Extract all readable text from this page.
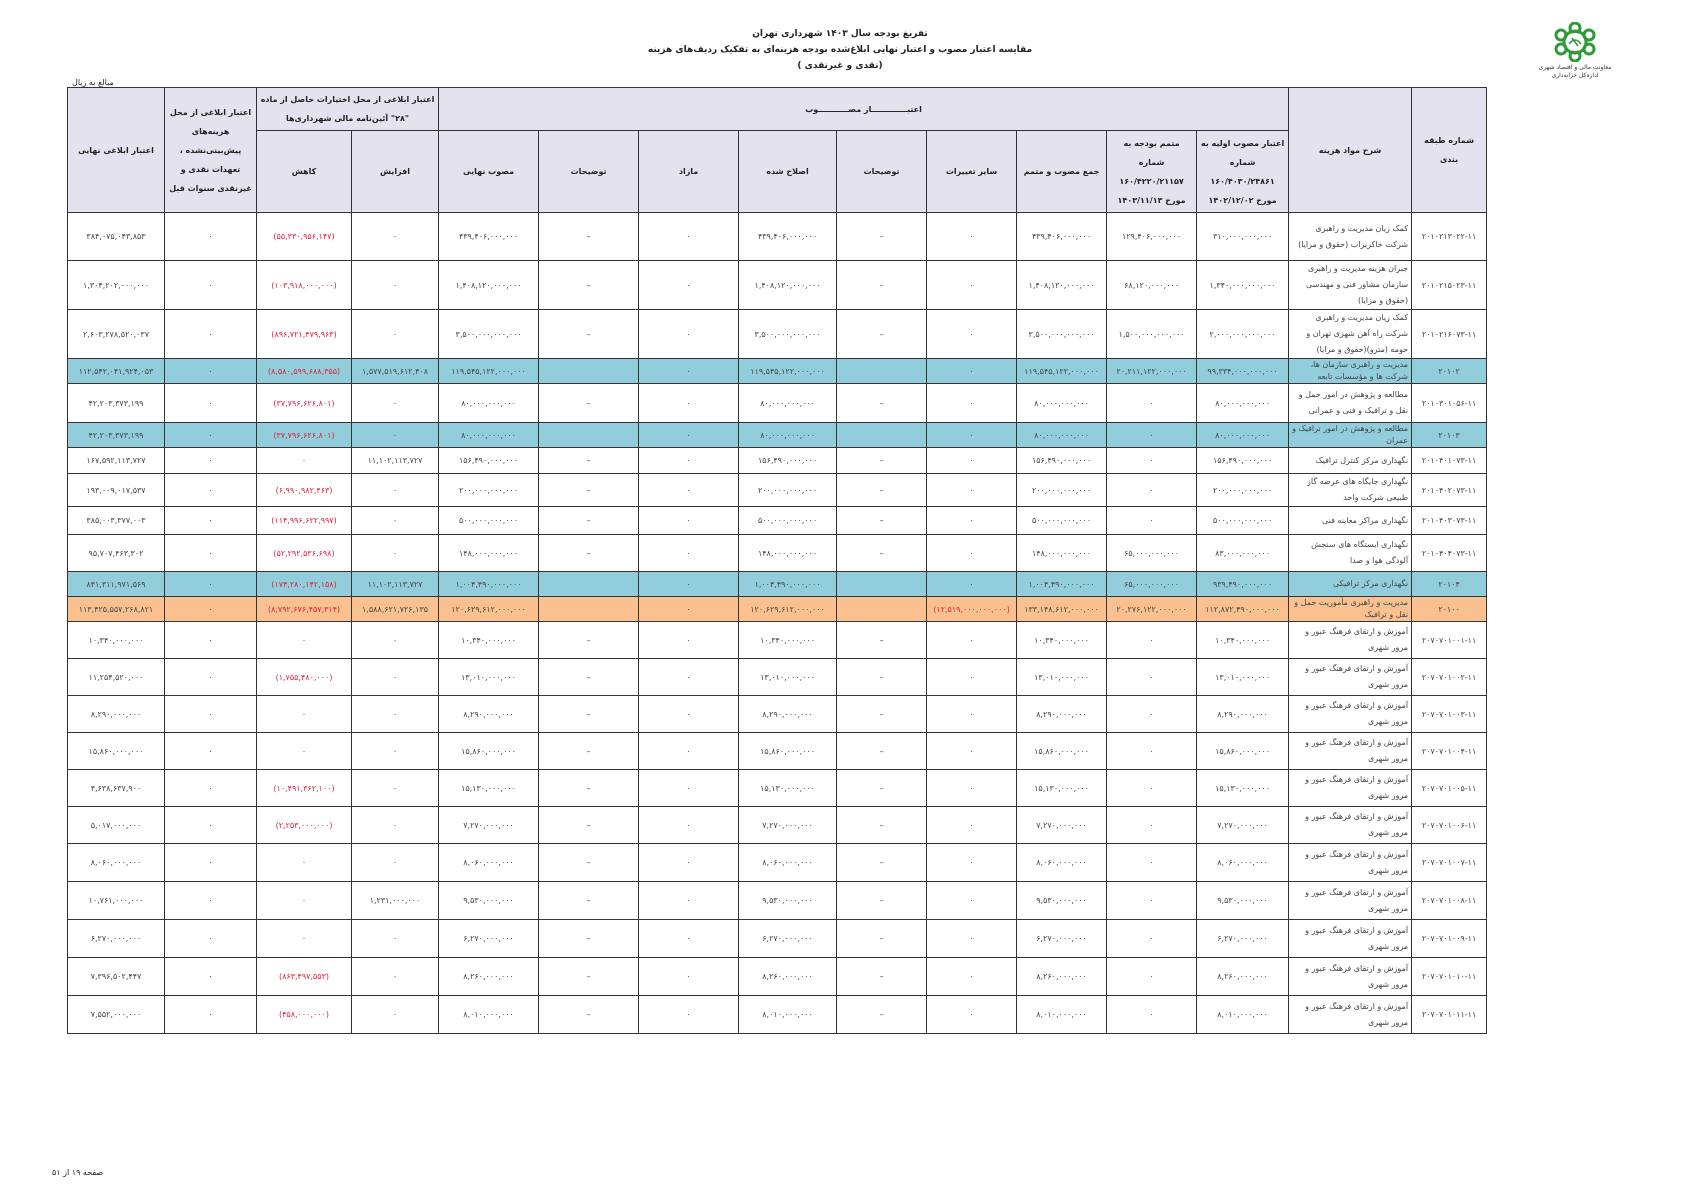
تفریغ بودجه سال ۱۴۰۳ شهرداری تهران
مقایسه اعتبار مصوب و اعتبار نهایی ابلاغ‌شده بودجه هزینه‌ای به تفکیک ردیف‌های هزینه
(نقدی و غیرنقدی )	معاونت مالی و اقتصاد شهری
اداره‌کل خزانه‌داری
مبالغ به ریال
شماره طبقه بندی	شرح مواد هزینه	اعتبـــــــــــــار مصـــــــــــوب									اعتبار ابلاغی از محل اختیارات حاصل از ماده "۲۸" آئین‌نامه مالی شهرداری‌ها		اعتبار ابلاغی از محل هزینه‌های پیش‌بینی‌نشده ، تعهدات نقدی و غیرنقدی سنوات قبل	اعتبار ابلاغی نهایی
		اعتبار مصوب اولیه به شماره ۱۶۰/۴۰۳۰/۲۴۸۶۱ مورخ ۱۴۰۲/۱۲/۰۲	متمم بودجه به شماره ۱۶۰/۴۲۲۰/۲۱۱۵۷ مورخ ۱۴۰۳/۱۱/۱۳	جمع مصوب و متمم	سایر تغییرات	توضیحات	اصلاح شده	مازاد	توضیحات	مصوب نهایی	افزایش	کاهش		
۲۰۱۰۲۱۳۰۲۲-۱۱	کمک زیان مدیریت و راهبری شرکت خاکریزاب (حقوق و مزایا)	۳۱۰,۰۰۰,۰۰۰,۰۰۰	۱۲۹,۴۰۶,۰۰۰,۰۰۰	۴۳۹,۴۰۶,۰۰۰,۰۰۰	۰	–	۴۳۹,۴۰۶,۰۰۰,۰۰۰	۰	–	۴۳۹,۴۰۶,۰۰۰,۰۰۰	۰	(۵۵,۳۳۰,۹۵۶,۱۴۷)	۰	۳۸۴,۰۷۵,۰۴۳,۸۵۳
۲۰۱۰۲۱۵۰۲۳-۱۱	جبران هزینه مدیریت و راهبری سازمان مشاور فنی و مهندسی (حقوق و مزایا)	۱,۳۴۰,۰۰۰,۰۰۰,۰۰۰	۶۸,۱۲۰,۰۰۰,۰۰۰	۱,۴۰۸,۱۲۰,۰۰۰,۰۰۰	۰	–	۱,۴۰۸,۱۲۰,۰۰۰,۰۰۰	۰	–	۱,۴۰۸,۱۲۰,۰۰۰,۰۰۰	۰	(۱۰۳,۹۱۸,۰۰۰,۰۰۰)	۰	۱,۳۰۴,۲۰۲,۰۰۰,۰۰۰
۲۰۱۰۲۱۶۰۷۳-۱۱	کمک زیان مدیریت و راهبری شرکت راه آهن شهری تهران و حومه (مترو)(حقوق و مزایا)	۲,۰۰۰,۰۰۰,۰۰۰,۰۰۰	۱,۵۰۰,۰۰۰,۰۰۰,۰۰۰	۳,۵۰۰,۰۰۰,۰۰۰,۰۰۰	۰	–	۳,۵۰۰,۰۰۰,۰۰۰,۰۰۰	۰	–	۳,۵۰۰,۰۰۰,۰۰۰,۰۰۰	۰	(۸۹۶,۷۲۱,۴۷۹,۹۶۳)	۰	۲,۶۰۳,۲۷۸,۵۲۰,۰۳۷
۲۰۱۰۲	مدیریت و راهبری سازمان ها، شرکت ها و مؤسسات تابعه	۹۹,۳۳۴,۰۰۰,۰۰۰,۰۰۰	۲۰,۲۱۱,۱۲۲,۰۰۰,۰۰۰	۱۱۹,۵۴۵,۱۲۲,۰۰۰,۰۰۰	۰		۱۱۹,۵۴۵,۱۲۲,۰۰۰,۰۰۰	۰		۱۱۹,۵۴۵,۱۲۲,۰۰۰,۰۰۰	۱,۵۷۷,۵۱۹,۶۱۲,۴۰۸	(۸,۵۸۰,۵۹۹,۶۸۸,۳۵۵)	۰	۱۱۲,۵۴۲,۰۴۱,۹۲۴,۰۵۳
۲۰۱۰۳۰۱۰۵۶-۱۱	مطالعه و پژوهش در امور حمل و نقل و ترافیک و فنی و عمرانی	۸۰,۰۰۰,۰۰۰,۰۰۰	۰	۸۰,۰۰۰,۰۰۰,۰۰۰	۰	–	۸۰,۰۰۰,۰۰۰,۰۰۰	۰	–	۸۰,۰۰۰,۰۰۰,۰۰۰	۰	(۳۷,۷۹۶,۶۲۶,۸۰۱)	۰	۴۲,۲۰۳,۳۷۳,۱۹۹
۲۰۱۰۳	مطالعه و پژوهش در امور ترافیک و عمران	۸۰,۰۰۰,۰۰۰,۰۰۰	۰	۸۰,۰۰۰,۰۰۰,۰۰۰	۰		۸۰,۰۰۰,۰۰۰,۰۰۰	۰		۸۰,۰۰۰,۰۰۰,۰۰۰	۰	(۳۷,۷۹۶,۶۲۶,۸۰۱)	۰	۴۲,۲۰۳,۳۷۳,۱۹۹
۲۰۱۰۴۰۱۰۷۳-۱۱	نگهداری مرکز کنترل ترافیک	۱۵۶,۴۹۰,۰۰۰,۰۰۰	۰	۱۵۶,۴۹۰,۰۰۰,۰۰۰	۰	–	۱۵۶,۴۹۰,۰۰۰,۰۰۰	۰	–	۱۵۶,۴۹۰,۰۰۰,۰۰۰	۱۱,۱۰۲,۱۱۳,۷۲۷	۰	۰	۱۶۷,۵۹۲,۱۱۳,۷۲۷
۲۰۱۰۴۰۲۰۷۳-۱۱	نگهداری جایگاه های عرضه گاز طبیعی شرکت واحد	۲۰۰,۰۰۰,۰۰۰,۰۰۰	۰	۲۰۰,۰۰۰,۰۰۰,۰۰۰	۰	–	۲۰۰,۰۰۰,۰۰۰,۰۰۰	۰	–	۲۰۰,۰۰۰,۰۰۰,۰۰۰	۰	(۶,۹۹۰,۹۸۲,۴۶۳)	۰	۱۹۳,۰۰۹,۰۱۷,۵۳۷
۲۰۱۰۴۰۳۰۷۳-۱۱	نگهداری مراکز معاینه فنی	۵۰۰,۰۰۰,۰۰۰,۰۰۰	۰	۵۰۰,۰۰۰,۰۰۰,۰۰۰	۰	–	۵۰۰,۰۰۰,۰۰۰,۰۰۰	۰	–	۵۰۰,۰۰۰,۰۰۰,۰۰۰	۰	(۱۱۴,۹۹۶,۶۲۲,۹۹۷)	۰	۳۸۵,۰۰۳,۳۷۷,۰۰۳
۲۰۱۰۴۰۴۰۷۳-۱۱	نگهداری ایستگاه های سنجش آلودگی هوا و صدا	۸۳,۰۰۰,۰۰۰,۰۰۰	۶۵,۰۰۰,۰۰۰,۰۰۰	۱۴۸,۰۰۰,۰۰۰,۰۰۰	۰	–	۱۴۸,۰۰۰,۰۰۰,۰۰۰	۰	–	۱۴۸,۰۰۰,۰۰۰,۰۰۰	۰	(۵۲,۲۹۲,۵۳۶,۶۹۸)	۰	۹۵,۷۰۷,۴۶۳,۳۰۲
۲۰۱۰۴	نگهداری مرکز ترافیکی	۹۳۹,۴۹۰,۰۰۰,۰۰۰	۶۵,۰۰۰,۰۰۰,۰۰۰	۱,۰۰۴,۴۹۰,۰۰۰,۰۰۰	۰		۱,۰۰۴,۴۹۰,۰۰۰,۰۰۰	۰		۱,۰۰۴,۴۹۰,۰۰۰,۰۰۰	۱۱,۱۰۲,۱۱۳,۷۲۷	(۱۷۴,۲۸۰,۱۴۲,۱۵۸)	۰	۸۴۱,۳۱۱,۹۷۱,۵۶۹
۲۰۱۰۰	مدیریت و راهبری مأموریت حمل و نقل و ترافیک	۱۱۲,۸۷۲,۴۹۰,۰۰۰,۰۰۰	۲۰,۲۷۶,۱۲۲,۰۰۰,۰۰۰	۱۳۳,۱۴۸,۶۱۲,۰۰۰,۰۰۰	(۱۲,۵۱۹,۰۰۰,۰۰۰,۰۰۰)		۱۲۰,۶۲۹,۶۱۲,۰۰۰,۰۰۰	۰		۱۲۰,۶۲۹,۶۱۲,۰۰۰,۰۰۰	۱,۵۸۸,۶۲۱,۷۲۶,۱۳۵	(۸,۷۹۲,۶۷۶,۴۵۷,۳۱۴)	۰	۱۱۳,۴۲۵,۵۵۷,۲۶۸,۸۲۱
۲۰۷۰۷۰۱۰۰۱-۱۱	آموزش و ارتقای فرهنگ عبور و مرور شهری	۱۰,۳۴۰,۰۰۰,۰۰۰	۰	۱۰,۳۴۰,۰۰۰,۰۰۰	۰	–	۱۰,۳۴۰,۰۰۰,۰۰۰	۰	–	۱۰,۳۴۰,۰۰۰,۰۰۰	۰	۰	۰	۱۰,۳۴۰,۰۰۰,۰۰۰
۲۰۷۰۷۰۱۰۰۲-۱۱	آموزش و ارتقای فرهنگ عبور و مرور شهری	۱۳,۰۱۰,۰۰۰,۰۰۰	۰	۱۳,۰۱۰,۰۰۰,۰۰۰	۰	–	۱۳,۰۱۰,۰۰۰,۰۰۰	۰	–	۱۳,۰۱۰,۰۰۰,۰۰۰	۰	(۱,۷۵۵,۴۸۰,۰۰۰)	۰	۱۱,۲۵۴,۵۲۰,۰۰۰
۲۰۷۰۷۰۱۰۰۳-۱۱	آموزش و ارتقای فرهنگ عبور و مرور شهری	۸,۲۹۰,۰۰۰,۰۰۰	۰	۸,۲۹۰,۰۰۰,۰۰۰	۰	–	۸,۲۹۰,۰۰۰,۰۰۰	۰	–	۸,۲۹۰,۰۰۰,۰۰۰	۰	۰	۰	۸,۲۹۰,۰۰۰,۰۰۰
۲۰۷۰۷۰۱۰۰۴-۱۱	آموزش و ارتقای فرهنگ عبور و مرور شهری	۱۵,۸۶۰,۰۰۰,۰۰۰	۰	۱۵,۸۶۰,۰۰۰,۰۰۰	۰	–	۱۵,۸۶۰,۰۰۰,۰۰۰	۰	–	۱۵,۸۶۰,۰۰۰,۰۰۰	۰	۰	۰	۱۵,۸۶۰,۰۰۰,۰۰۰
۲۰۷۰۷۰۱۰۰۵-۱۱	آموزش و ارتقای فرهنگ عبور و مرور شهری	۱۵,۱۳۰,۰۰۰,۰۰۰	۰	۱۵,۱۳۰,۰۰۰,۰۰۰	۰	–	۱۵,۱۳۰,۰۰۰,۰۰۰	۰	–	۱۵,۱۳۰,۰۰۰,۰۰۰	۰	(۱۰,۴۹۱,۳۶۲,۱۰۰)	۰	۴,۶۳۸,۶۳۷,۹۰۰
۲۰۷۰۷۰۱۰۰۶-۱۱	آموزش و ارتقای فرهنگ عبور و مرور شهری	۷,۲۷۰,۰۰۰,۰۰۰	۰	۷,۲۷۰,۰۰۰,۰۰۰	۰	–	۷,۲۷۰,۰۰۰,۰۰۰	۰	–	۷,۲۷۰,۰۰۰,۰۰۰	۰	(۲,۲۵۳,۰۰۰,۰۰۰)	۰	۵,۰۱۷,۰۰۰,۰۰۰
۲۰۷۰۷۰۱۰۰۷-۱۱	آموزش و ارتقای فرهنگ عبور و مرور شهری	۸,۰۶۰,۰۰۰,۰۰۰	۰	۸,۰۶۰,۰۰۰,۰۰۰	۰	–	۸,۰۶۰,۰۰۰,۰۰۰	۰	–	۸,۰۶۰,۰۰۰,۰۰۰	۰	۰	۰	۸,۰۶۰,۰۰۰,۰۰۰
۲۰۷۰۷۰۱۰۰۸-۱۱	آموزش و ارتقای فرهنگ عبور و مرور شهری	۹,۵۳۰,۰۰۰,۰۰۰	۰	۹,۵۳۰,۰۰۰,۰۰۰	۰	–	۹,۵۳۰,۰۰۰,۰۰۰	۰	–	۹,۵۳۰,۰۰۰,۰۰۰	۱,۲۳۱,۰۰۰,۰۰۰	۰	۰	۱۰,۷۶۱,۰۰۰,۰۰۰
۲۰۷۰۷۰۱۰۰۹-۱۱	آموزش و ارتقای فرهنگ عبور و مرور شهری	۶,۲۷۰,۰۰۰,۰۰۰	۰	۶,۲۷۰,۰۰۰,۰۰۰	۰	–	۶,۲۷۰,۰۰۰,۰۰۰	۰	–	۶,۲۷۰,۰۰۰,۰۰۰	۰	۰	۰	۶,۲۷۰,۰۰۰,۰۰۰
۲۰۷۰۷۰۱۰۱۰-۱۱	آموزش و ارتقای فرهنگ عبور و مرور شهری	۸,۲۶۰,۰۰۰,۰۰۰	۰	۸,۲۶۰,۰۰۰,۰۰۰	۰	–	۸,۲۶۰,۰۰۰,۰۰۰	۰	–	۸,۲۶۰,۰۰۰,۰۰۰	۰	(۸۶۳,۴۹۷,۵۵۳)	۰	۷,۳۹۶,۵۰۲,۴۴۷
۲۰۷۰۷۰۱۰۱۱-۱۱	آموزش و ارتقای فرهنگ عبور و مرور شهری	۸,۰۱۰,۰۰۰,۰۰۰	۰	۸,۰۱۰,۰۰۰,۰۰۰	۰	–	۸,۰۱۰,۰۰۰,۰۰۰	۰	–	۸,۰۱۰,۰۰۰,۰۰۰	۰	(۴۵۸,۰۰۰,۰۰۰)	۰	۷,۵۵۲,۰۰۰,۰۰۰
صفحه ۱۹ از ۵۱
